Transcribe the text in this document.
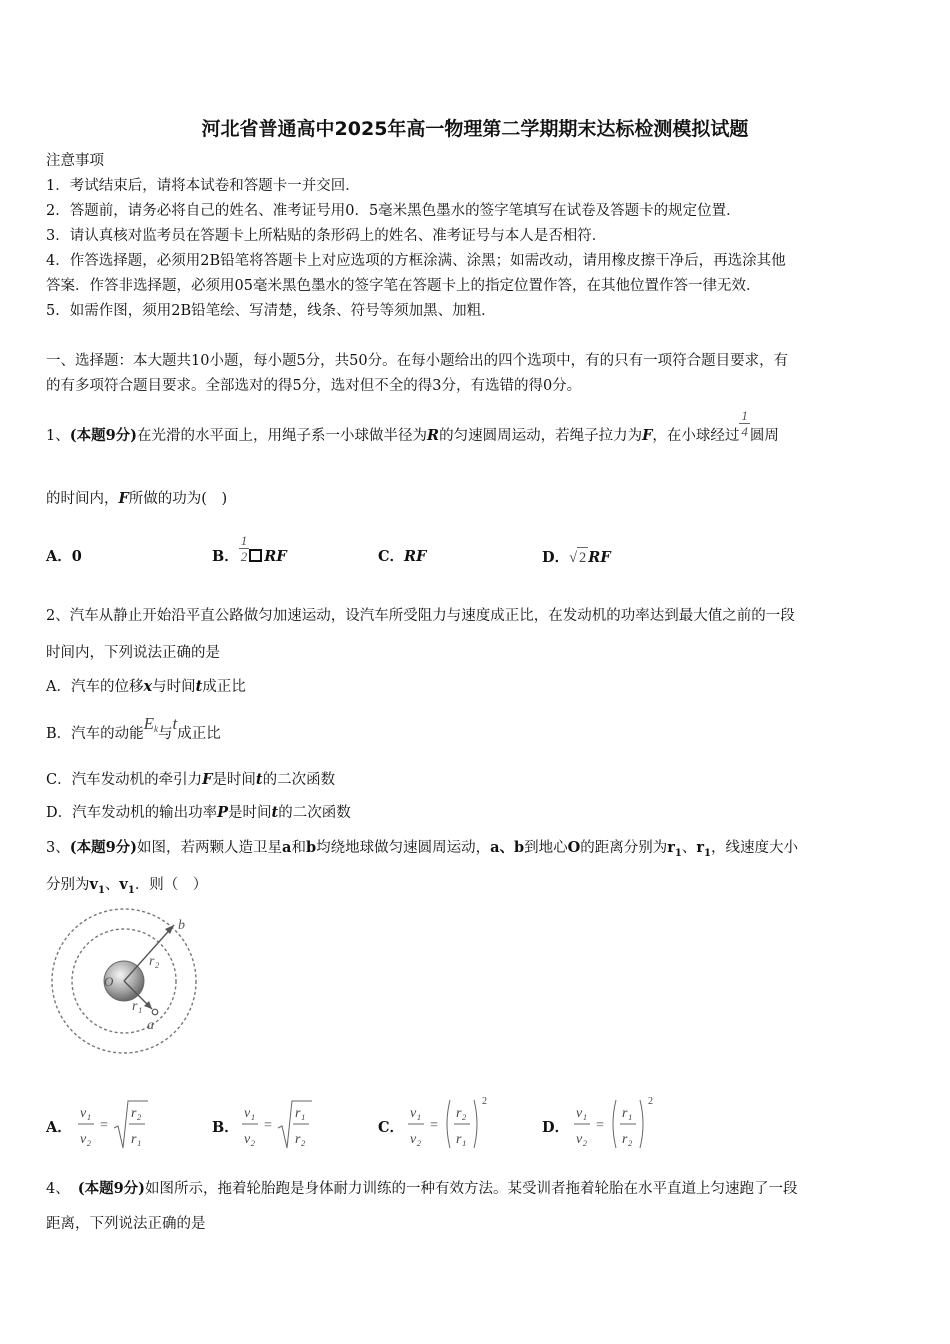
河北省普通高中2025年高一物理第二学期期末达标检测模拟试题
注意事项
1．考试结束后，请将本试卷和答题卡一并交回．
2．答题前，请务必将自己的姓名、准考证号用0．5毫米黑色墨水的签字笔填写在试卷及答题卡的规定位置．
3．请认真核对监考员在答题卡上所粘贴的条形码上的姓名、准考证号与本人是否相符．
4．作答选择题，必须用2B铅笔将答题卡上对应选项的方框涂满、涂黑；如需改动，请用橡皮擦干净后，再选涂其他
答案．作答非选择题，必须用05毫米黑色墨水的签字笔在答题卡上的指定位置作答，在其他位置作答一律无效．
5．如需作图，须用2B铅笔绘、写清楚，线条、符号等须加黑、加粗．
一、选择题：本大题共10小题，每小题5分，共50分。在每小题给出的四个选项中，有的只有一项符合题目要求，有
的有多项符合题目要求。全部选对的得5分，选对但不全的得3分，有选错的得0分。
1、(本题9分)在光滑的水平面上，用绳子系一小球做半径为R的匀速圆周运动，若绳子拉力为F，在小球经过 $\frac{1}{4}$ 圆周
的时间内，F所做的功为(　)
A．0	B． $\frac{1}{2}$ RF	C．RF	D．√ 2 RF
2、汽车从静止开始沿平直公路做匀加速运动，设汽车所受阻力与速度成正比，在发动机的功率达到最大值之前的一段
时间内，下列说法正确的是
A．汽车的位移x与时间t成正比
B．汽车的动能$E^k$与t成正比
C．汽车发动机的牵引力F是时间t的二次函数
D．汽车发动机的输出功率P是时间t的二次函数
3、(本题9分)如图，若两颗人造卫星a和b均绕地球做匀速圆周运动，a、b到地心O的距离分别为$r_1$、$r_1$，线速度大小
分别为$v_1$、$v_1$．则（　）
O
b
a
r₂
r₁
A．
v₁
v₂
=
r₂
r₁
B．
v₁
v₂
=
r₁
r₂
C．
v₁
v₂
=
r₂
r₁
2
D．
v₁
v₂
=
r₁
r₂
2
4、 (本题9分)如图所示，拖着轮胎跑是身体耐力训练的一种有效方法。某受训者拖着轮胎在水平直道上匀速跑了一段
距离，下列说法正确的是
